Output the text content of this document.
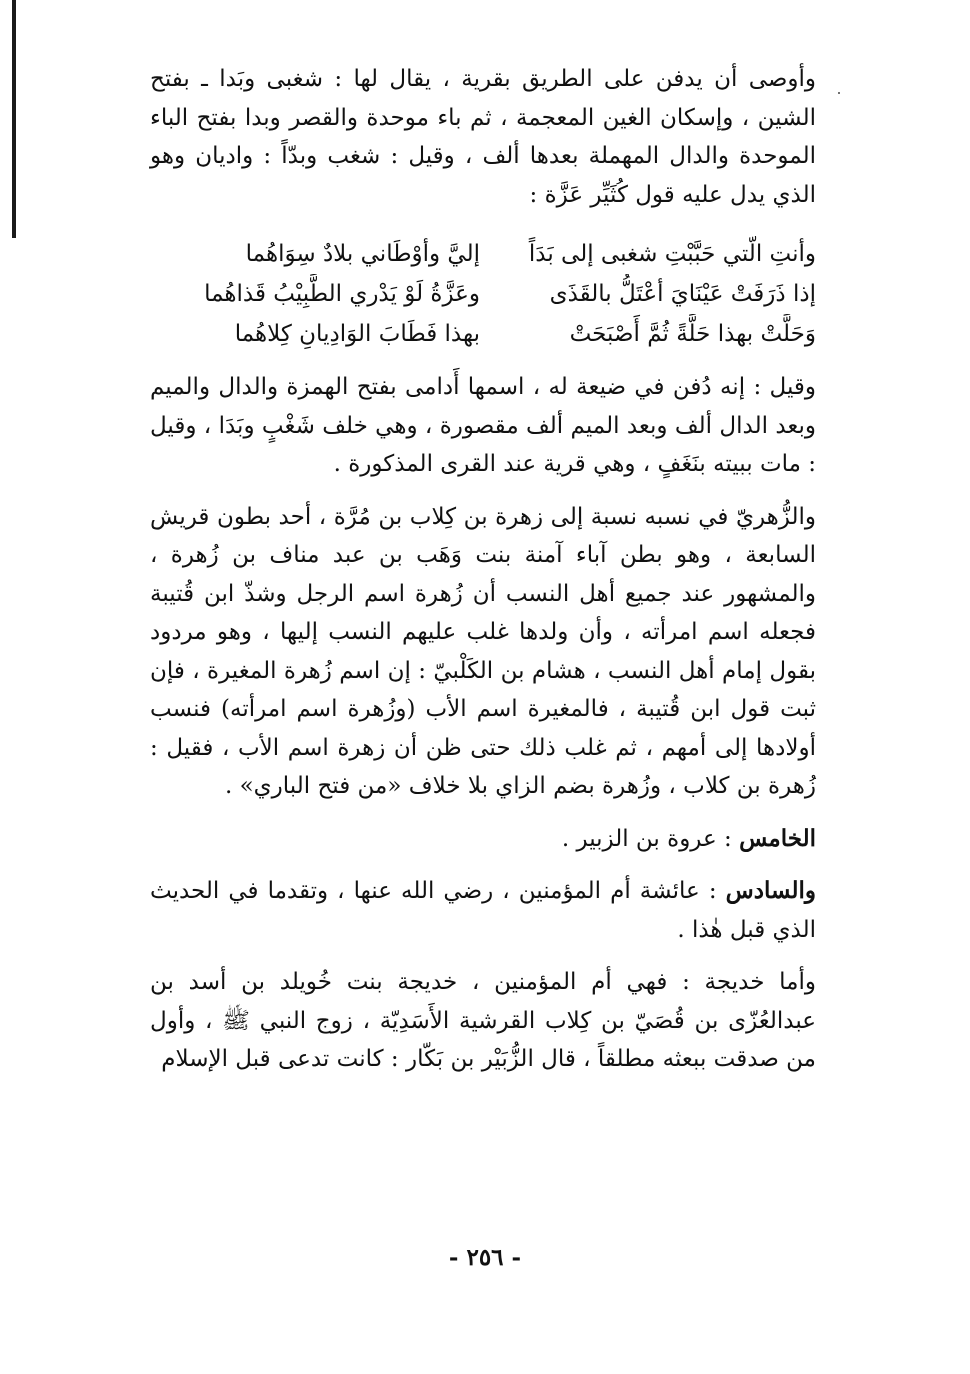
وأوصى أن يدفن على الطريق بقرية ، يقال لها : شغبى وبَدا ـ بفتح الشين ، وإسكان الغين المعجمة ، ثم باء موحدة والقصر وبدا بفتح الباء الموحدة والدال المهملة بعدها ألف ، وقيل : شغب وبدّاً : واديان وهو الذي يدل عليه قول كُثَيِّر عَزَّة :

وأنتِ الّتي حَبَّبْتِ شغبى إلى بَدَاً
إليَّ وأوْطَاني بلادٌ سِوَاهُما
إذا ذَرَفَتْ عَيْنَايَ أعْتَلُّ بالقَذَى
وعَزَّةُ لَوْ يَدْري الطَّبِيْبُ قَذاهُما
وَحَلَّتْ بهذا حَلَّةً ثُمَّ أَصْبَحَتْ
بهذا فَطَابَ الوَادِيانِ كِلاهُما

وقيل : إنه دُفن في ضيعة له ، اسمها أَدامى بفتح الهمزة والدال والميم وبعد الدال ألف وبعد الميم ألف مقصورة ، وهي خلف شَغْبٍ وبَدَا ، وقيل : مات ببيته بنَغَفٍ ، وهي قرية عند القرى المذكورة .

والزُّهريّ في نسبه نسبة إلى زهرة بن كِلاب بن مُرَّة ، أحد بطون قريش السابعة ، وهو بطن آباء آمنة بنت وَهَب بن عبد مناف بن زُهرة ، والمشهور عند جميع أهل النسب أن زُهرة اسم الرجل وشذّ ابن قُتيبة فجعله اسم امرأته ، وأن ولدها غلب عليهم النسب إليها ، وهو مردود بقول إمام أهل النسب ، هشام بن الكَلْبيّ : إن اسم زُهرة المغيرة ، فإن ثبت قول ابن قُتيبة ، فالمغيرة اسم الأب (وزُهرة اسم امرأته) فنسب أولادها إلى أمهم ، ثم غلب ذلك حتى ظن أن زهرة اسم الأب ، فقيل : زُهرة بن كلاب ، وزُهرة بضم الزاي بلا خلاف «من فتح الباري» .

الخامس : عروة بن الزبير .

والسادس : عائشة أم المؤمنين ، رضي الله عنها ، وتقدما في الحديث الذي قبل هٰذا .

وأما خديجة : فهي أم المؤمنين ، خديجة بنت خُويلد بن أسد بن عبدالعُزّى بن قُصَيّ بن كِلاب القرشية الأَسَدِيّة ، زوج النبي ﷺ ، وأول من صدقت ببعثه مطلقاً ، قال الزُّبَيْر بن بَكّار : كانت تدعى قبل الإسلام

- ٢٥٦ -
